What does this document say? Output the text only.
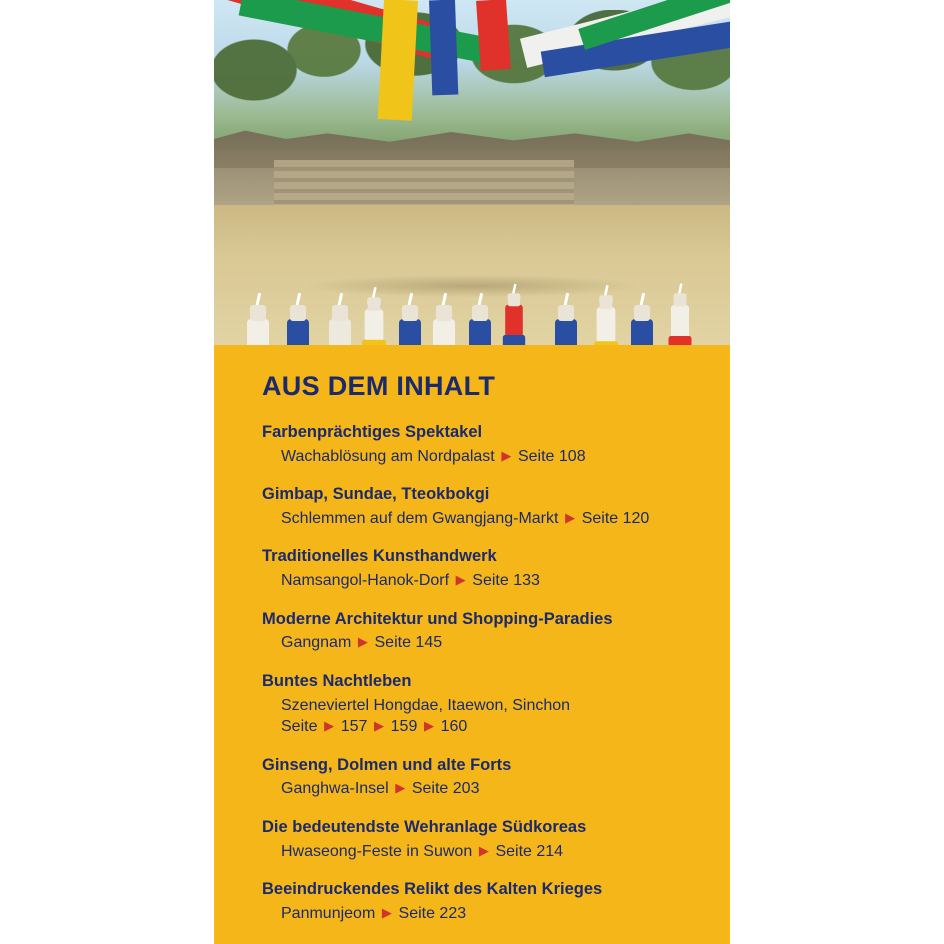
AUS DEM INHALT
Farbenprächtiges Spektakel
Wachablösung am Nordpalast ▶ Seite 108
Gimbap, Sundae, Tteokbokgi
Schlemmen auf dem Gwangjang-Markt ▶ Seite 120
Traditionelles Kunsthandwerk
Namsangol-Hanok-Dorf ▶ Seite 133
Moderne Architektur und Shopping-Paradies
Gangnam ▶ Seite 145
Buntes Nachtleben
Szeneviertel Hongdae, Itaewon, Sinchon
Seite ▶ 157 ▶ 159 ▶ 160
Ginseng, Dolmen und alte Forts
Ganghwa-Insel ▶ Seite 203
Die bedeutendste Wehranlage Südkoreas
Hwaseong-Feste in Suwon ▶ Seite 214
Beeindruckendes Relikt des Kalten Krieges
Panmunjeom ▶ Seite 223
